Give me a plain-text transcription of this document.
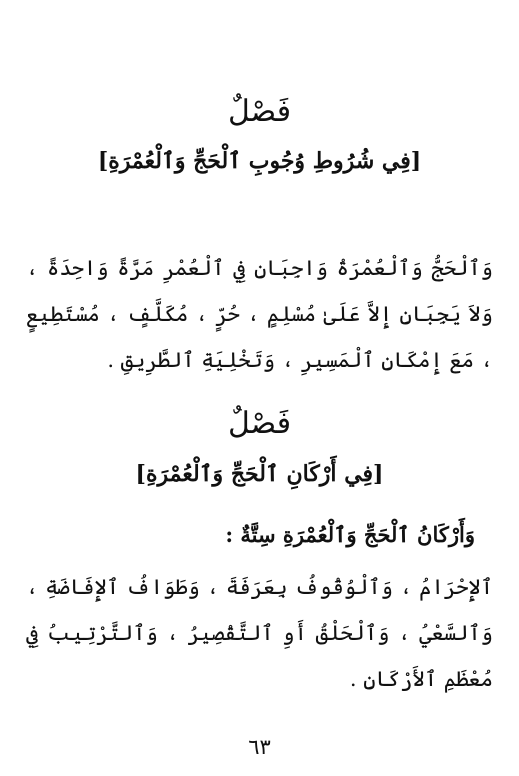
فَصْلٌ
[فِي شُرُوطِ وُجُوبِ ٱلْحَجِّ وَٱلْعُمْرَةِ]

وَٱلْحَجُّ وَٱلْعُمْرَةُ وَاجِبَانِ فِي ٱلْعُمْرِ مَرَّةً وَاحِدَةً ، وَلاَ يَجِبَانِ إِلاَّ عَلَىٰ مُسْلِمٍ ، حُرٍّ ، مُكَلَّفٍ ، مُسْتَطِيعٍ ، مَعَ إِمْكَانِ ٱلْمَسِيرِ ، وَتَخْلِيَةِ ٱلطَّرِيقِ .

فَصْلٌ
[فِي أَرْكَانِ ٱلْحَجِّ وَٱلْعُمْرَةِ]
وَأَرْكَانُ ٱلْحَجِّ وَٱلْعُمْرَةِ سِتَّةٌ :

ٱلإِحْرَامُ ، وَٱلْوُقُوفُ بِعَرَفَةَ ، وَطَوَافُ ٱلإِفَاضَةِ ، وَٱلسَّعْيُ ، وَٱلْحَلْقُ أَوِ ٱلتَّقْصِيرُ ، وَٱلتَّرْتِيبُ فِي مُعْظَمِ ٱلأَرْكَانِ .

٦٣
